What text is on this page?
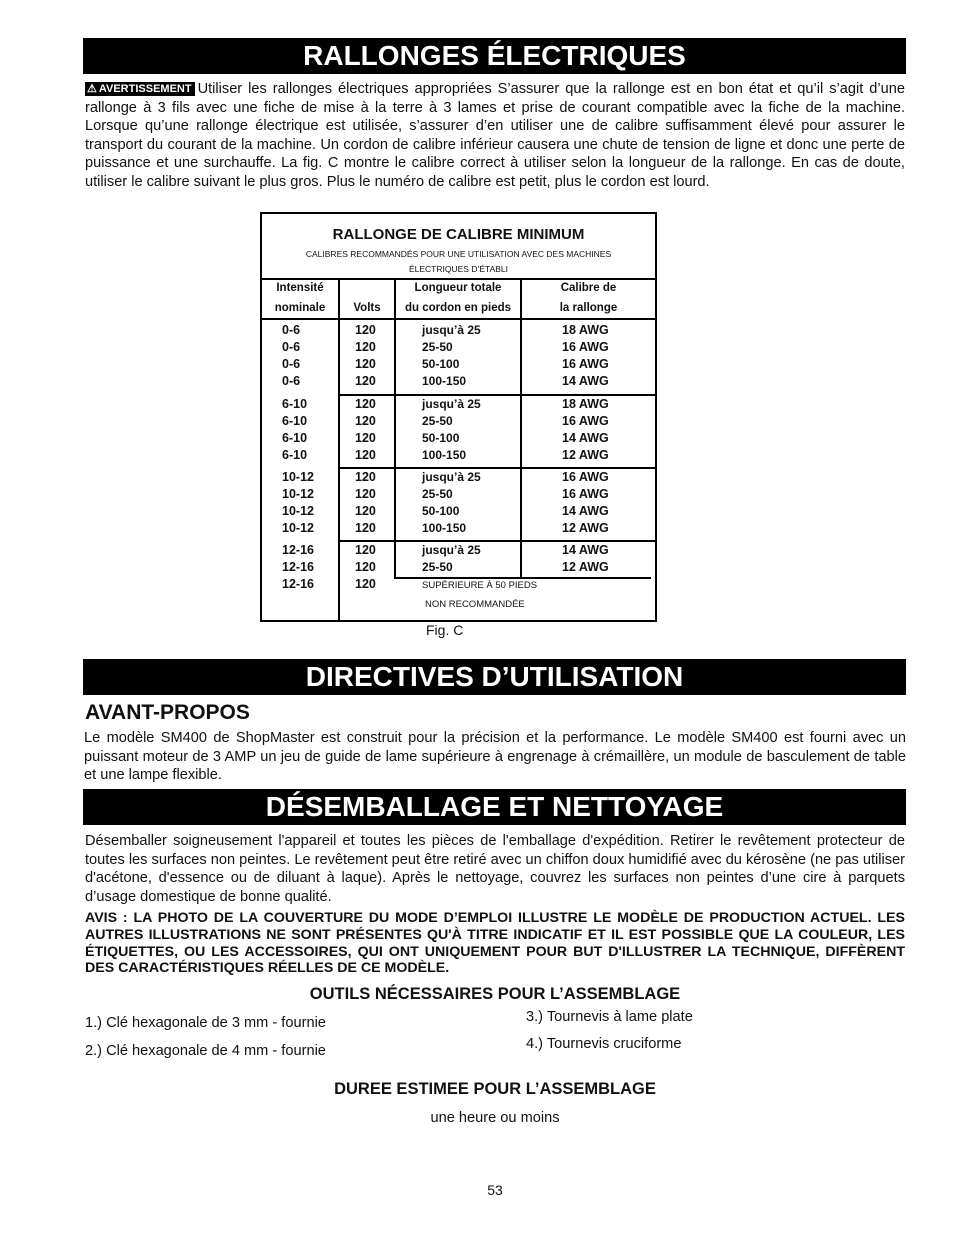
RALLONGES ÉLECTRIQUES
DIRECTIVES D’UTILISATION
DÉSEMBALLAGE ET NETTOYAGE
⚠ AVERTISSEMENT Utiliser les rallonges électriques appropriées S’assurer que la rallonge est en bon état et qu’il s’agit d’une rallonge à 3 fils avec une fiche de mise à la terre à 3 lames et prise de courant compatible avec la fiche de la machine. Lorsque qu’une rallonge électrique est utilisée, s’assurer d’en utiliser une de calibre suffisamment élevé pour assurer le transport du courant de la machine. Un cordon de calibre inférieur causera une chute de tension de ligne et donc une perte de puissance et une surchauffe. La fig. C montre le calibre correct à utiliser selon la longueur de la rallonge. En cas de doute, utiliser le calibre suivant le plus gros. Plus le numéro de calibre est petit, plus le cordon est lourd.
RALLONGE DE CALIBRE MINIMUM
CALIBRES RECOMMANDÉS POUR UNE UTILISATION AVEC DES MACHINES ÉLECTRIQUES D’ÉTABLI
Intensité
nominale	Volts
Longueur totale
du cordon en pieds
Calibre de
la rallonge
0-6
0-6
0-6
0-6
120
120
120
120
jusqu’à 25
25-50
50-100
100-150
18 AWG
16 AWG
16 AWG
14 AWG
6-10
6-10
6-10
6-10
120
120
120
120
jusqu’à 25
25-50
50-100
100-150
18 AWG
16 AWG
14 AWG
12 AWG
10-12
10-12
10-12
10-12
120
120
120
120
jusqu’à 25
25-50
50-100
100-150
16 AWG
16 AWG
14 AWG
12 AWG
12-16
12-16
12-16
120
120
120
jusqu’à 25
25-50
14 AWG
12 AWG
SUPÉRIEURE À 50 PIEDS
NON RECOMMANDÉE
Fig. C
AVANT-PROPOS
Le modèle SM400 de ShopMaster est construit pour la précision et la performance. Le modèle SM400 est fourni avec un puissant moteur de 3 AMP un jeu de guide de lame supérieure à engrenage à crémaillère, un module de basculement de table et une lampe flexible.
Désemballer soigneusement l'appareil et toutes les pièces de l'emballage d'expédition. Retirer le revêtement protecteur de toutes les surfaces non peintes. Le revêtement peut être retiré avec un chiffon doux humidifié avec du kérosène (ne pas utiliser d'acétone, d'essence ou de diluant à laque). Après le nettoyage, couvrez les surfaces non peintes d’une cire à parquets d’usage domestique de bonne qualité.
AVIS : LA PHOTO DE LA COUVERTURE DU MODE D’EMPLOI ILLUSTRE LE MODÈLE DE PRODUCTION ACTUEL. LES AUTRES ILLUSTRATIONS NE SONT PRÉSENTES QU'À TITRE INDICATIF ET IL EST POSSIBLE QUE LA COULEUR, LES ÉTIQUETTES, OU LES ACCESSOIRES, QUI ONT UNIQUEMENT POUR BUT D'ILLUSTRER LA TECHNIQUE, DIFFÈRENT DES CARACTÉRISTIQUES RÉELLES DE CE MODÈLE.
OUTILS NÉCESSAIRES POUR L’ASSEMBLAGE
1.) Clé hexagonale de 3 mm - fournie
2.) Clé hexagonale de 4 mm - fournie
3.) Tournevis à lame plate
4.) Tournevis cruciforme
DUREE ESTIMEE POUR L’ASSEMBLAGE
une heure ou moins
53
